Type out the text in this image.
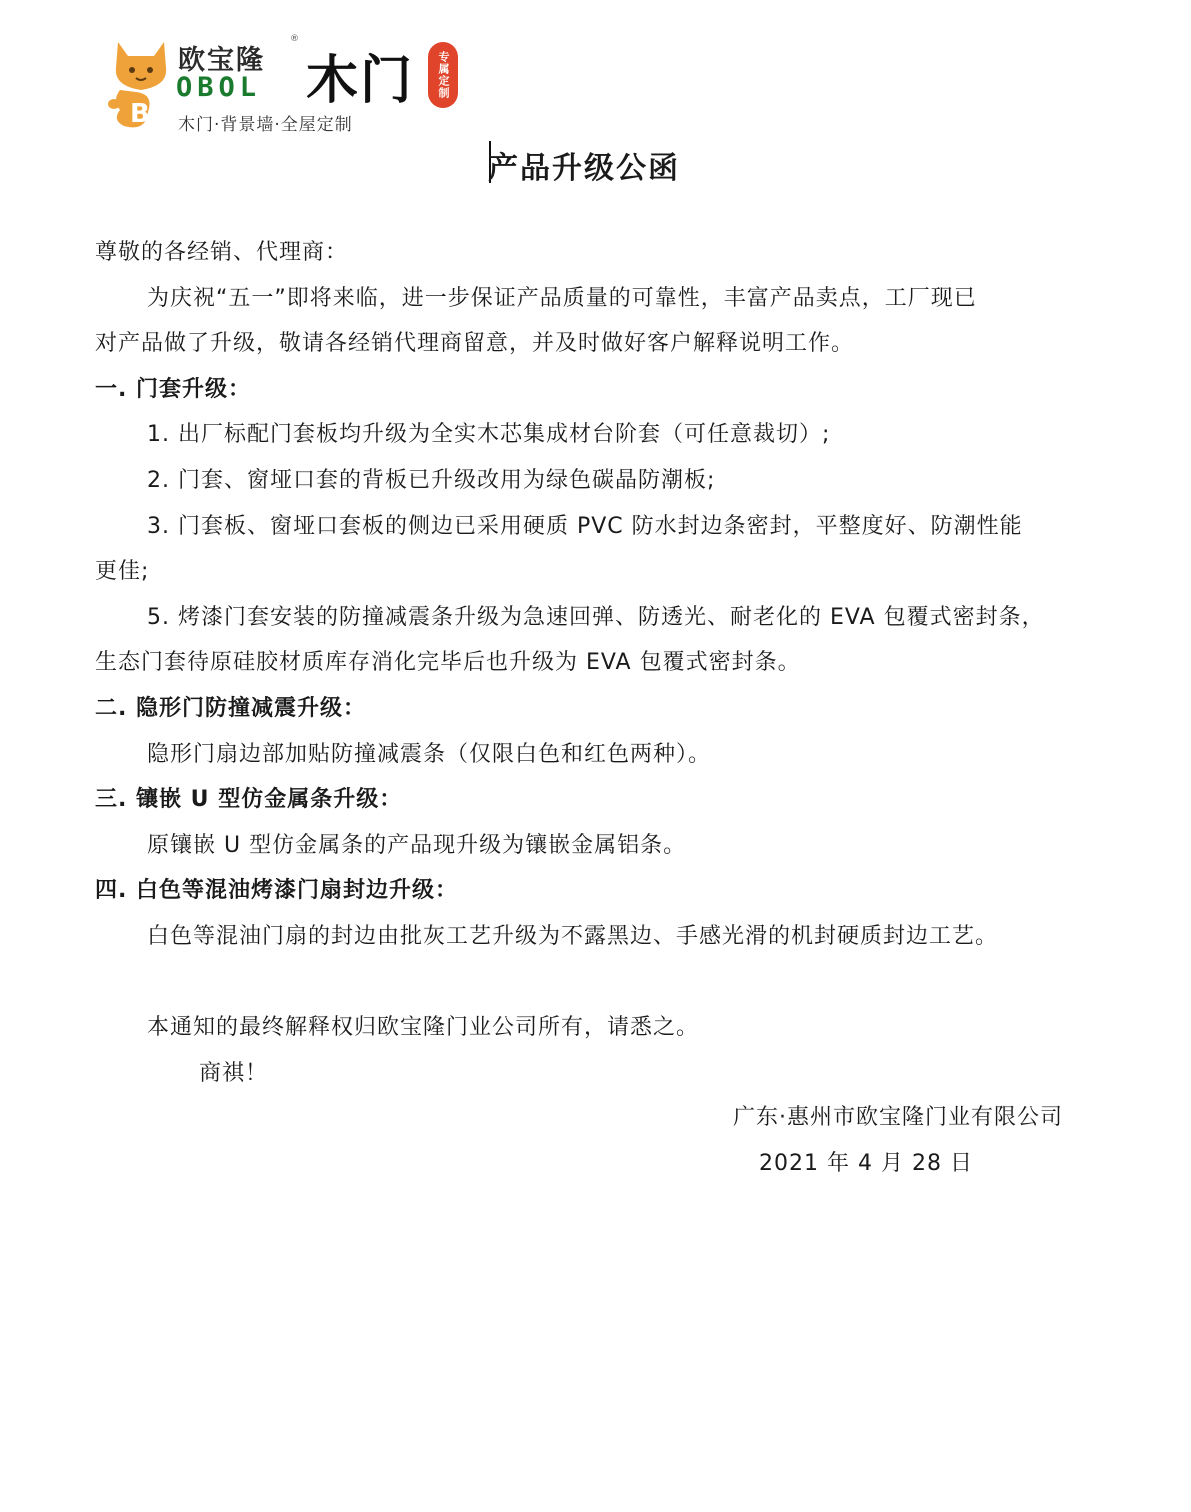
B
欧宝隆
®
OBOL 木门	专属定制
木门·背景墙·全屋定制
产品升级公函

尊敬的各经销、代理商：

为庆祝“五一”即将来临，进一步保证产品质量的可靠性，丰富产品卖点，工厂现已

对产品做了升级，敬请各经销代理商留意，并及时做好客户解释说明工作。

一. 门套升级：

1. 出厂标配门套板均升级为全实木芯集成材台阶套（可任意裁切）;

2. 门套、窗垭口套的背板已升级改用为绿色碳晶防潮板;

3. 门套板、窗垭口套板的侧边已采用硬质 PVC 防水封边条密封，平整度好、防潮性能

更佳;

5. 烤漆门套安装的防撞减震条升级为急速回弹、防透光、耐老化的 EVA 包覆式密封条，

生态门套待原硅胶材质库存消化完毕后也升级为 EVA 包覆式密封条。

二. 隐形门防撞减震升级：

隐形门扇边部加贴防撞减震条（仅限白色和红色两种）。

三. 镶嵌 U 型仿金属条升级：

原镶嵌 U 型仿金属条的产品现升级为镶嵌金属铝条。

四. 白色等混油烤漆门扇封边升级：

白色等混油门扇的封边由批灰工艺升级为不露黑边、手感光滑的机封硬质封边工艺。

本通知的最终解释权归欧宝隆门业公司所有，请悉之。

商祺！

广东·惠州市欧宝隆门业有限公司
2021 年 4 月 28 日
